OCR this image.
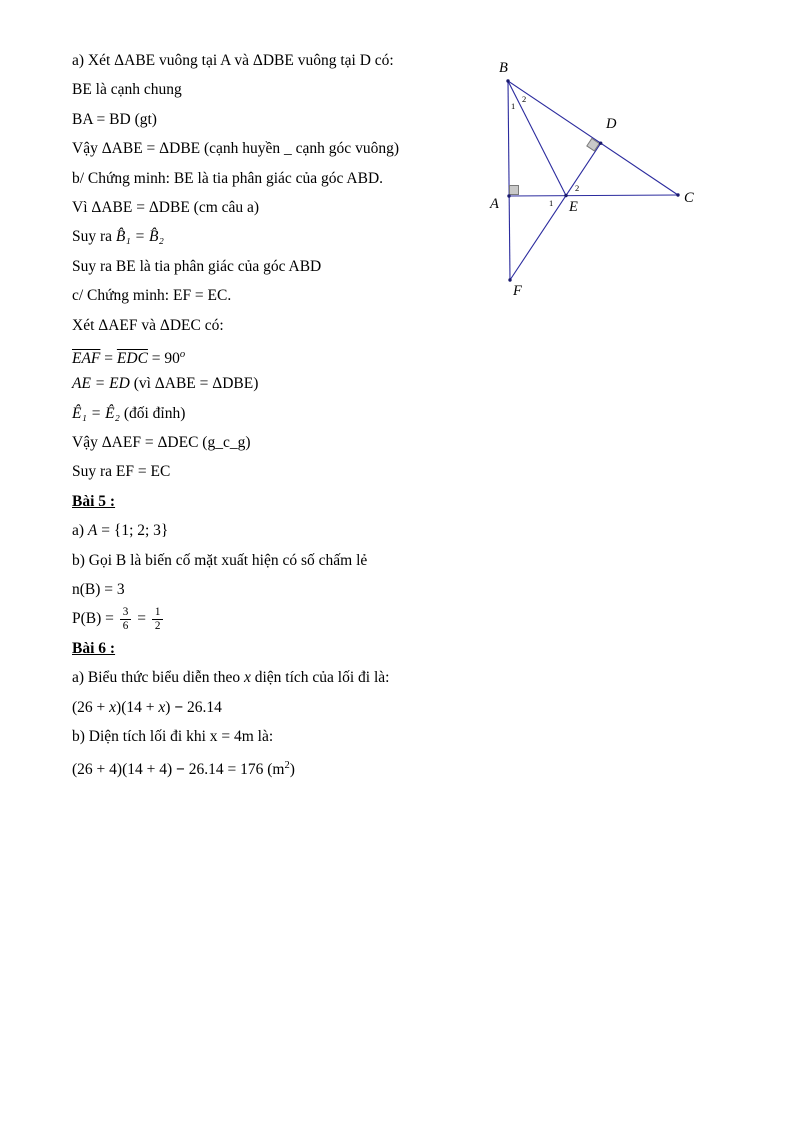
a) Xét ΔABE vuông tại A và ΔDBE vuông tại D có:
BE là cạnh chung
BA = BD (gt)
Vậy ΔABE = ΔDBE (cạnh huyền _ cạnh góc vuông)
b/ Chứng minh: BE là tia phân giác của góc ABD.
Vì ΔABE = ΔDBE (cm câu a)
Suy ra B̂₁ = B̂₂
Suy ra BE là tia phân giác của góc ABD
c/ Chứng minh: EF = EC.
Xét ΔAEF và ΔDEC có:
$\overline{EAF} = \overline{EDC} = 90^o$
AE = ED (vì ΔABE = ΔDBE)
Ê₁ = Ê₂ (đối đỉnh)
Vậy ΔAEF = ΔDEC (g_c_g)
Suy ra EF = EC
Bài 5 :
a) A = {1; 2; 3}
b) Gọi B là biến cố mặt xuất hiện có số chấm lẻ
n(B) = 3
$P(B) = \frac{3}{6} = \frac{1}{2}$
Bài 6 :
a) Biểu thức biểu diễn theo x diện tích của lối đi là:
(26 + x)(14 + x) − 26.14
b) Diện tích lối đi khi x = 4m là:
(26 + 4)(14 + 4) − 26.14 = 176 $(m^2)$
B
D
A	E
C
F
1
2
1
2
